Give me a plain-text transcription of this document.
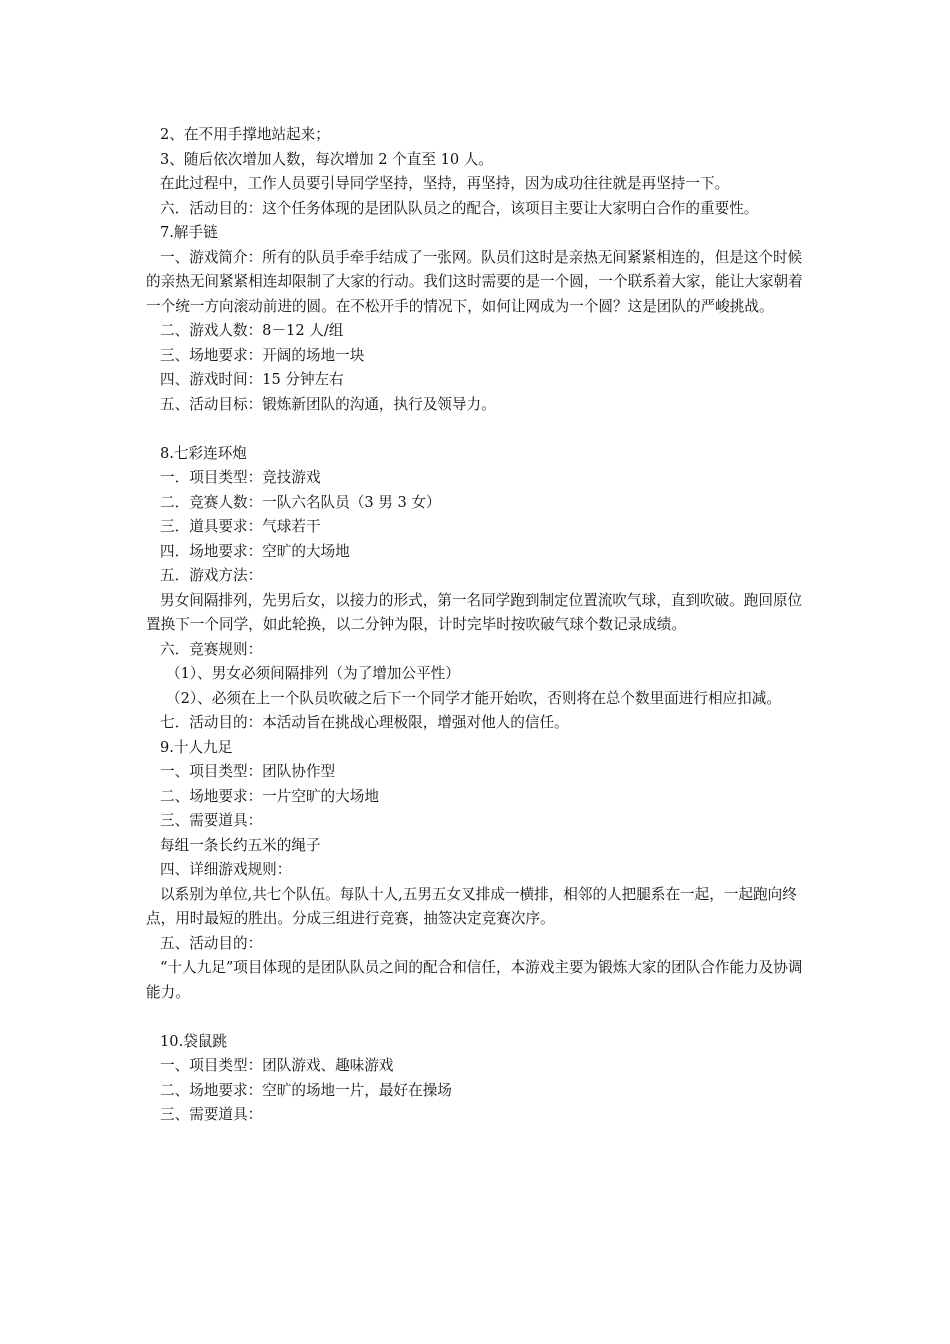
2、在不用手撑地站起来；

3、随后依次增加人数，每次增加 2 个直至 10 人。

在此过程中，工作人员要引导同学坚持，坚持，再坚持，因为成功往往就是再坚持一下。

六．活动目的：这个任务体现的是团队队员之的配合，该项目主要让大家明白合作的重要性。

7.解手链

一、游戏简介：所有的队员手牵手结成了一张网。队员们这时是亲热无间紧紧相连的，但是这个时候的亲热无间紧紧相连却限制了大家的行动。我们这时需要的是一个圆，一个联系着大家，能让大家朝着一个统一方向滚动前进的圆。在不松开手的情况下，如何让网成为一个圆？这是团队的严峻挑战。

二、游戏人数：8－12 人/组

三、场地要求：开阔的场地一块

四、游戏时间：15 分钟左右

五、活动目标：锻炼新团队的沟通，执行及领导力。

8.七彩连环炮

一．项目类型：竞技游戏

二．竞赛人数：一队六名队员（3 男 3 女）

三．道具要求：气球若干

四．场地要求：空旷的大场地

五．游戏方法：

男女间隔排列，先男后女，以接力的形式，第一名同学跑到制定位置流吹气球，直到吹破。跑回原位置换下一个同学，如此轮换，以二分钟为限，计时完毕时按吹破气球个数记录成绩。

六．竞赛规则：

（1）、男女必须间隔排列（为了增加公平性）

（2）、必须在上一个队员吹破之后下一个同学才能开始吹，否则将在总个数里面进行相应扣减。

七．活动目的：本活动旨在挑战心理极限，增强对他人的信任。

9.十人九足

一、项目类型：团队协作型

二、场地要求：一片空旷的大场地

三、需要道具：

每组一条长约五米的绳子

四、详细游戏规则：

以系别为单位,共七个队伍。每队十人,五男五女叉排成一横排，相邻的人把腿系在一起，一起跑向终点，用时最短的胜出。分成三组进行竞赛，抽签决定竞赛次序。

五、活动目的：

“十人九足”项目体现的是团队队员之间的配合和信任，本游戏主要为锻炼大家的团队合作能力及协调能力。

10.袋鼠跳

一、项目类型：团队游戏、趣味游戏

二、场地要求：空旷的场地一片，最好在操场

三、需要道具：
